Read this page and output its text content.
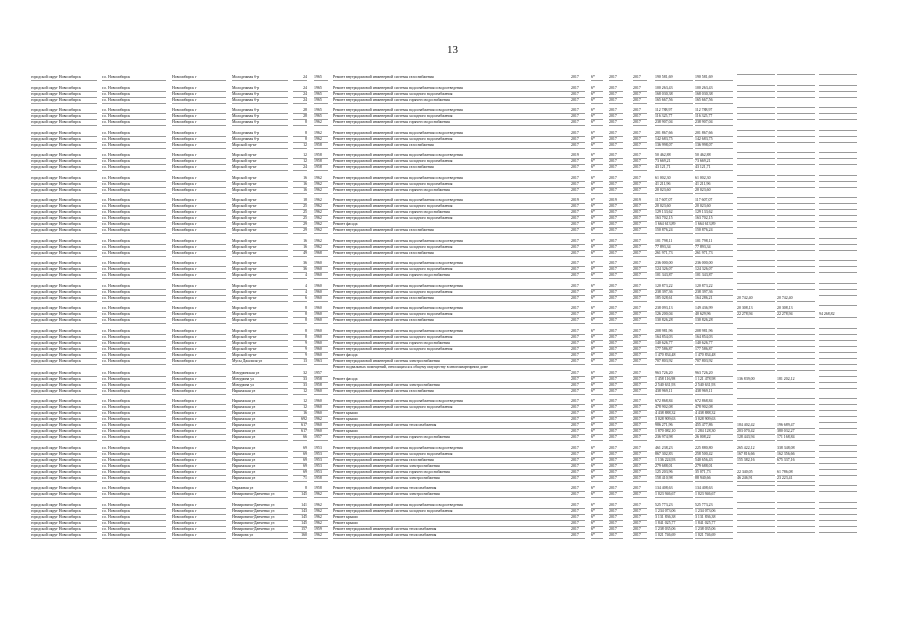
13
городской округ Новосибирск	г.о. Новосибирск	Новосибирск г	Молодежная б-р	24 1965	Ремонт внутридомовой инженерной системы газоснабжения	2017	6*	2017	2017	190 581,69	190 581,69
городской округ Новосибирск	г.о. Новосибирск	Новосибирск г	Молодежная б-р	24 1965	Ремонт внутридомовой инженерной системы водоснабжения и водоотведения	2017	6*	2017	2017	100 263,43	100 263,43
городской округ Новосибирск	г.о. Новосибирск	Новосибирск г	Молодежная б-р	24 1965	Ремонт внутридомовой инженерной системы холодного водоснабжения	2017	6*	2017	2017	168 030,38	168 030,38
городской округ Новосибирск	г.о. Новосибирск	Новосибирск г	Молодежная б-р	24 1965	Ремонт внутридомовой инженерной системы горячего водоснабжения	2017	6*	2017	2017	165 667,56	165 667,56
городской округ Новосибирск	г.о. Новосибирск	Новосибирск г	Молодежная б-р	28 1965	Ремонт внутридомовой инженерной системы водоснабжения и водоотведения	2017	6*	2017	2017	112 788,97	112 788,97
городской округ Новосибирск	г.о. Новосибирск	Новосибирск г	Молодежная б-р	28 1965	Ремонт внутридомовой инженерной системы холодного водоснабжения	2017	6*	2017	2017	116 325,77	116 325,77
городской округ Новосибирск	г.о. Новосибирск	Новосибирск г	Молодежная б-р	8 1962	Ремонт внутридомовой инженерной системы горячего водоснабжения	2017	6*	2017	2017	238 907,04	238 907,04
городской округ Новосибирск	г.о. Новосибирск	Новосибирск г	Молодежная б-р	8 1962	Ремонт внутридомовой инженерной системы водоснабжения и водоотведения	2017	6*	2017	2017	201 867,66	201 867,66
городской округ Новосибирск	г.о. Новосибирск	Новосибирск г	Молодежная б-р	8 1962	Ремонт внутридомовой инженерной системы холодного водоснабжения	2017	6*	2017	2017	142 683,75	142 683,75
городской округ Новосибирск	г.о. Новосибирск	Новосибирск г	Морской пр-кт	12 1958	Ремонт внутридомовой инженерной системы газоснабжения	2017	6*	2017	2017	136 998,07	136 998,07
городской округ Новосибирск	г.о. Новосибирск	Новосибирск г	Морской пр-кт	12 1958	Ремонт внутридомовой инженерной системы водоснабжения и водоотведения	2019	6*	2017	2017	50 462,88	50 462,88
городской округ Новосибирск	г.о. Новосибирск	Новосибирск г	Морской пр-кт	12 1958	Ремонт внутридомовой инженерной системы холодного водоснабжения	2017	6*	2017	2017	73 669,21	73 669,21
городской округ Новосибирск	г.о. Новосибирск	Новосибирск г	Морской пр-кт	24 1958	Ремонт внутридомовой инженерной системы газоснабжения	2017	6*	2017	2017	43 121,71	43 121,71
городской округ Новосибирск	г.о. Новосибирск	Новосибирск г	Морской пр-кт	16 1962	Ремонт внутридомовой инженерной системы водоснабжения и водоотведения	2017	6*	2017	2017	61 002,30	61 002,30
городской округ Новосибирск	г.о. Новосибирск	Новосибирск г	Морской пр-кт	16 1962	Ремонт внутридомовой инженерной системы холодного водоснабжения	2017	6*	2017	2017	41 211,96	41 211,96
городской округ Новосибирск	г.о. Новосибирск	Новосибирск г	Морской пр-кт	16 1962	Ремонт внутридомовой инженерной системы горячего водоснабжения	2017	6*	2017	2017	20 023,60	20 023,60
городской округ Новосибирск	г.о. Новосибирск	Новосибирск г	Морской пр-кт	18 1962	Ремонт внутридомовой инженерной системы водоснабжения и водоотведения	2019	6*	2019	2019	117 607,07	117 607,07
городской округ Новосибирск	г.о. Новосибирск	Новосибирск г	Морской пр-кт	25 1962	Ремонт внутридомовой инженерной системы холодного водоснабжения	2017	6*	2017	2017	20 023,60	20 023,60
городской округ Новосибирск	г.о. Новосибирск	Новосибирск г	Морской пр-кт	25 1962	Ремонт внутридомовой инженерной системы горячего водоснабжения	2017	6*	2017	2017	129 133,62	129 133,62
городской округ Новосибирск	г.о. Новосибирск	Новосибирск г	Морской пр-кт	25 1962	Ремонт внутридомовой инженерной системы холодного водоснабжения	2017	6*	2017	2017	163 702,15	163 702,15
городской округ Новосибирск	г.о. Новосибирск	Новосибирск г	Морской пр-кт	29 1962	Ремонт фасада	2017	6*	2017	2017	1 664 613,89	1 664 613,89
городской округ Новосибирск	г.о. Новосибирск	Новосибирск г	Морской пр-кт	29 1962	Ремонт внутридомовой инженерной системы газоснабжения	2017	6*	2017	2017	150 876,24	150 876,24
городской округ Новосибирск	г.о. Новосибирск	Новосибирск г	Морской пр-кт	16 1962	Ремонт внутридомовой инженерной системы водоснабжения и водоотведения	2017	6*	2017	2017	101 798,11	101 798,11
городской округ Новосибирск	г.о. Новосибирск	Новосибирск г	Морской пр-кт	16 1962	Ремонт внутридомовой инженерной системы холодного водоснабжения	2017	6*	2017	2017	77 893,34	77 893,34
городской округ Новосибирск	г.о. Новосибирск	Новосибирск г	Морской пр-кт	49 1968	Ремонт внутридомовой инженерной системы газоснабжения	2017	6*	2017	2017	261 971,73	261 971,73
городской округ Новосибирск	г.о. Новосибирск	Новосибирск г	Морской пр-кт	36 1960	Ремонт внутридомовой инженерной системы водоснабжения и водоотведения	2017	6*	2017	2017	236 000,00	236 000,00
городской округ Новосибирск	г.о. Новосибирск	Новосибирск г	Морской пр-кт	36 1960	Ремонт внутридомовой инженерной системы холодного водоснабжения	2017	6*	2017	2017	124 326,07	124 326,07
городской округ Новосибирск	г.о. Новосибирск	Новосибирск г	Морской пр-кт	4 1960	Ремонт внутридомовой инженерной системы горячего водоснабжения	2017	6*	2017	2017	101 343,87	101 343,87
городской округ Новосибирск	г.о. Новосибирск	Новосибирск г	Морской пр-кт	4 1960	Ремонт внутридомовой инженерной системы водоснабжения и водоотведения	2017	6*	2017	2017	120 873,22	120 873,22
городской округ Новосибирск	г.о. Новосибирск	Новосибирск г	Морской пр-кт	4 1960	Ремонт внутридомовой инженерной системы холодного водоснабжения	2017	6*	2017	2017	238 397,36	238 397,36
городской округ Новосибирск	г.о. Новосибирск	Новосибирск г	Морской пр-кт	6 1960	Ремонт внутридомовой инженерной системы газоснабжения	2017	6*	2017	2017	185 028,61	164 286,21	20 742,40	20 742,40
городской округ Новосибирск	г.о. Новосибирск	Новосибирск г	Морской пр-кт	8 1960	Ремонт внутридомовой инженерной системы водоснабжения и водоотведения	2017	6*	2017	2017	238 093,13	149 436,99	20 308,13	20 308,13
городской округ Новосибирск	г.о. Новосибирск	Новосибирск г	Морской пр-кт	8 1960	Ремонт внутридомовой инженерной системы холодного водоснабжения	2017	6*	2017	2017	126 200,04	40 629,96	22 278,94	22 278,94	94 268,82
городской округ Новосибирск	г.о. Новосибирск	Новосибирск г	Морской пр-кт	8 1960	Ремонт внутридомовой инженерной системы газоснабжения	2017	6*	2017	2017	130 826,28	130 826,28
городской округ Новосибирск	г.о. Новосибирск	Новосибирск г	Морской пр-кт	8 1960	Ремонт внутридомовой инженерной системы водоснабжения и водоотведения	2017	6*	2017	2017	208 981,96	208 981,96
городской округ Новосибирск	г.о. Новосибирск	Новосибирск г	Морской пр-кт	8 1960	Ремонт внутридомовой инженерной системы холодного водоснабжения	2017	6*	2017	2017	164 854,03	164 854,03
городской округ Новосибирск	г.о. Новосибирск	Новосибирск г	Морской пр-кт	9 1960	Ремонт внутридомовой инженерной системы горячего водоснабжения	2017	6*	2017	2017	140 626,77	140 626,77
городской округ Новосибирск	г.о. Новосибирск	Новосибирск г	Морской пр-кт	9 1960	Ремонт внутридомовой инженерной системы холодного водоснабжения	2017	6*	2017	2017	177 586,87	177 586,87
городской округ Новосибирск	г.о. Новосибирск	Новосибирск г	Морской пр-кт	9 1960	Ремонт фасада	2017	6*	2017	2017	1 470 834,48	1 470 834,48
городской округ Новосибирск	г.о. Новосибирск	Новосибирск г	Мусы Джалиля ул	13 1963	Ремонт внутридомовой инженерной системы электроснабжения	2017	6*	2017	2017	707 803,92	707 803,92
Ремонт подвальных помещений, относящихся к общему имуществу в многоквартирном доме
городской округ Новосибирск	г.о. Новосибирск	Новосибирск г	Мичуринская ул	32 1957	2017	6*	2017	2017	963 726,20	963 726,20
городской округ Новосибирск	г.о. Новосибирск	Новосибирск г	Мичурина ул	33 1958	Ремонт фасада	2017	6*	2017	2017	1 458 116,98	1 121 478,98	136 839,00	181 202,12
городской округ Новосибирск	г.о. Новосибирск	Новосибирск г	Мичурина ул	33 1958	Ремонт внутридомовой инженерной системы электроснабжения	2017	6*	2017	2017	2 540 631,93	2 540 631,93
городской округ Новосибирск	г.о. Новосибирск	Новосибирск г	Нарымская ул	12 1960	Ремонт внутридомовой инженерной системы газоснабжения	2017	6*	2017	2017	438 969,11	438 969,11
городской округ Новосибирск	г.о. Новосибирск	Новосибирск г	Нарымская ул	12 1960	Ремонт внутридомовой инженерной системы водоснабжения и водоотведения	2017	6*	2017	2017	672 868,84	672 868,84
городской округ Новосибирск	г.о. Новосибирск	Новосибирск г	Нарымская ул	12 1960	Ремонт внутридомовой инженерной системы холодного водоснабжения	2017	6*	2017	2017	478 902,08	478 902,08
городской округ Новосибирск	г.о. Новосибирск	Новосибирск г	Нарымская ул	16 1960	Ремонт крыши	2017	6*	2017	2017	4 438 888,32	4 438 888,32
городской округ Новосибирск	г.о. Новосибирск	Новосибирск г	Нарымская ул	692 1962	Ремонт крыши	2017	6*	2017	2017	3 028 909,63	3 028 909,63
городской округ Новосибирск	г.о. Новосибирск	Новосибирск г	Нарымская ул	617 1960	Ремонт внутридомовой инженерной системы теплоснабжения	2017	6*	2017	2017	986 271,96	455 477,86	184 402,42	196 689,47
городской округ Новосибирск	г.о. Новосибирск	Новосибирск г	Нарымская ул	617 1960	Ремонт крыши	2017	6*	2017	2017	1 870 082,10	1 284 128,30	203 070,42	380 032,27
городской округ Новосибирск	г.о. Новосибирск	Новосибирск г	Нарымская ул	66 1957	Ремонт внутридомовой инженерной системы горячего водоснабжения	2017	6*	2017	2017	236 974,98	26 008,22	128 443,94	171 168,84
городской округ Новосибирск	г.о. Новосибирск	Новосибирск г	Нарымская ул	69 1953	Ремонт внутридомовой инженерной системы водоснабжения и водоотведения	2017	6*	2017	2017	461 238,23	225 880,80	265 422,12	338 348,08
городской округ Новосибирск	г.о. Новосибирск	Новосибирск г	Нарымская ул	69 1953	Ремонт внутридомовой инженерной системы холодного водоснабжения	2017	6*	2017	2017	867 302,83	258 500,42	167 816,66	162 356,66
городской округ Новосибирск	г.о. Новосибирск	Новосибирск г	Нарымская ул	69 1953	Ремонт внутридомовой инженерной системы газоснабжения	2017	6*	2017	2017	1 136 224,93	540 656,43	155 382,16	675 337,16
городской округ Новосибирск	г.о. Новосибирск	Новосибирск г	Нарымская ул	69 1953	Ремонт внутридомовой инженерной системы электроснабжения	2017	6*	2017	2017	279 688,01	279 688,01
городской округ Новосибирск	г.о. Новосибирск	Новосибирск г	Нарымская ул	69 1953	Ремонт внутридомовой инженерной системы горячего водоснабжения	2017	6*	2017	2017	125 203,96	35 071,73	22 340,05	61 786,08
городской округ Новосибирск	г.о. Новосибирск	Новосибирск г	Нарымская ул	71 1958	Ремонт внутридомовой инженерной системы электроснабжения	2017	6*	2017	2017	158 410,98	88 940,66	46 246,91	23 223,41
городской округ Новосибирск	г.о. Новосибирск	Новосибирск г	Овражная ул	8 1958	Ремонт внутридомовой инженерной системы теплоснабжения	2017	6*	2017	2017	134 408,63	134 408,63
городской округ Новосибирск	г.о. Новосибирск	Новосибирск г	Немировича-Данченко ул	145 1962	Ремонт внутридомовой инженерной системы электроснабжения	2017	6*	2017	2017	1 023 946,67	1 023 946,67
городской округ Новосибирск	г.о. Новосибирск	Новосибирск г	Немировича-Данченко ул	141 1962	Ремонт внутридомовой инженерной системы водоснабжения и водоотведения	2017	6*	2017	2017	525 773,23	525 773,23
городской округ Новосибирск	г.о. Новосибирск	Новосибирск г	Немировича-Данченко ул	143 1962	Ремонт внутридомовой инженерной системы холодного водоснабжения	2017	6*	2017	2017	1 234 073,06	1 234 073,06
городской округ Новосибирск	г.о. Новосибирск	Новосибирск г	Немировича-Данченко ул	145 1962	Ремонт крыши	2017	6*	2017	2017	3 131 836,38	3 131 836,38
городской округ Новосибирск	г.о. Новосибирск	Новосибирск г	Немировича-Данченко ул	145 1962	Ремонт крыши	2017	6*	2017	2017	1 841 025,77	1 841 025,77
городской округ Новосибирск	г.о. Новосибирск	Новосибирск г	Немировича-Данченко ул	157 1959	Ремонт внутридомовой инженерной системы теплоснабжения	2017	6*	2017	2017	1 238 035,06	1 238 035,06
городской округ Новосибирск	г.о. Новосибирск	Новосибирск г	Немирова ул	160 1962	Ремонт внутридомовой инженерной системы теплоснабжения	2017	6*	2017	2017	1 021 746,69	1 021 746,69
